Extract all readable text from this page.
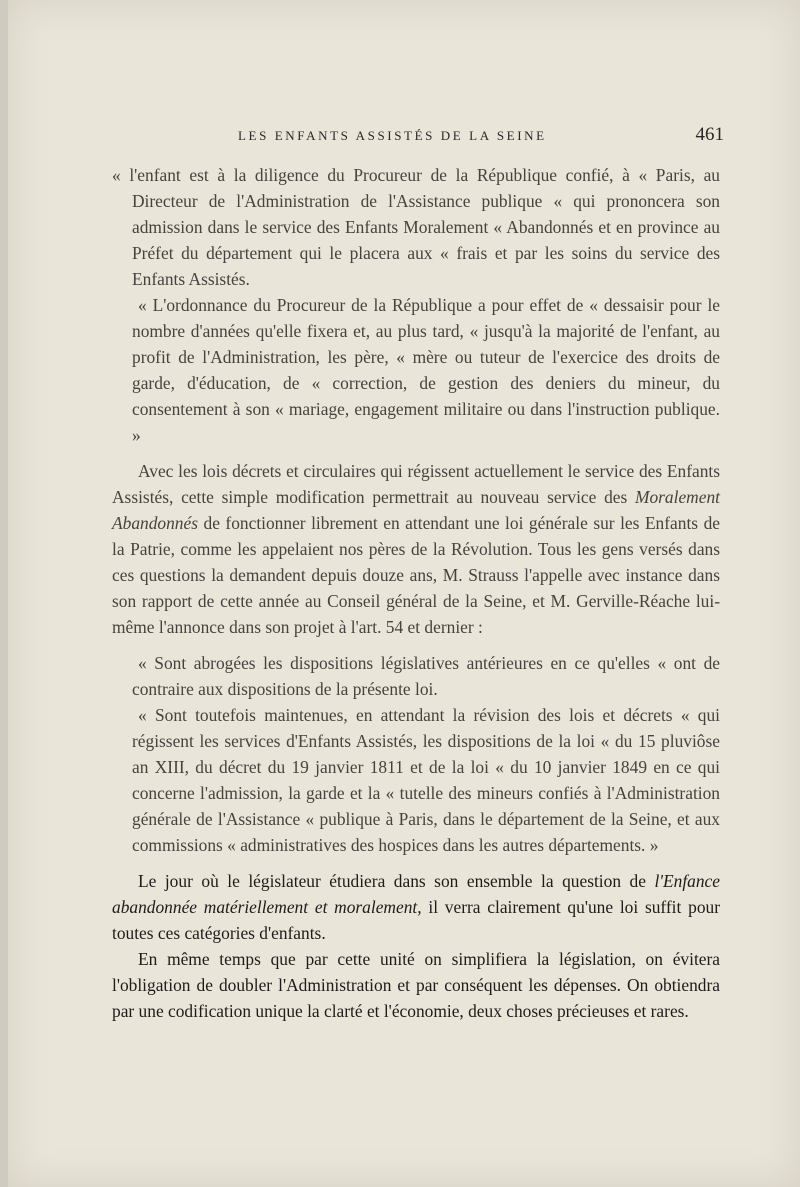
LES ENFANTS ASSISTÉS DE LA SEINE	461

« l'enfant est à la diligence du Procureur de la République confié, à « Paris, au Directeur de l'Administration de l'Assistance publique « qui prononcera son admission dans le service des Enfants Moralement « Abandonnés et en province au Préfet du département qui le placera aux « frais et par les soins du service des Enfants Assistés.

« L'ordonnance du Procureur de la République a pour effet de « dessaisir pour le nombre d'années qu'elle fixera et, au plus tard, « jusqu'à la majorité de l'enfant, au profit de l'Administration, les père, « mère ou tuteur de l'exercice des droits de garde, d'éducation, de « correction, de gestion des deniers du mineur, du consentement à son « mariage, engagement militaire ou dans l'instruction publique. »

Avec les lois décrets et circulaires qui régissent actuellement le service des Enfants Assistés, cette simple modification permettrait au nouveau service des Moralement Abandonnés de fonctionner librement en attendant une loi générale sur les Enfants de la Patrie, comme les appelaient nos pères de la Révolution. Tous les gens versés dans ces questions la demandent depuis douze ans, M. Strauss l'appelle avec instance dans son rapport de cette année au Conseil général de la Seine, et M. Gerville-Réache lui-même l'annonce dans son projet à l'art. 54 et dernier :

« Sont abrogées les dispositions législatives antérieures en ce qu'elles « ont de contraire aux dispositions de la présente loi.

« Sont toutefois maintenues, en attendant la révision des lois et décrets « qui régissent les services d'Enfants Assistés, les dispositions de la loi « du 15 pluviôse an XIII, du décret du 19 janvier 1811 et de la loi « du 10 janvier 1849 en ce qui concerne l'admission, la garde et la « tutelle des mineurs confiés à l'Administration générale de l'Assistance « publique à Paris, dans le département de la Seine, et aux commissions « administratives des hospices dans les autres départements. »

Le jour où le législateur étudiera dans son ensemble la question de l'Enfance abandonnée matériellement et moralement, il verra clairement qu'une loi suffit pour toutes ces catégories d'enfants.

En même temps que par cette unité on simplifiera la législation, on évitera l'obligation de doubler l'Administration et par conséquent les dépenses. On obtiendra par une codification unique la clarté et l'économie, deux choses précieuses et rares.
